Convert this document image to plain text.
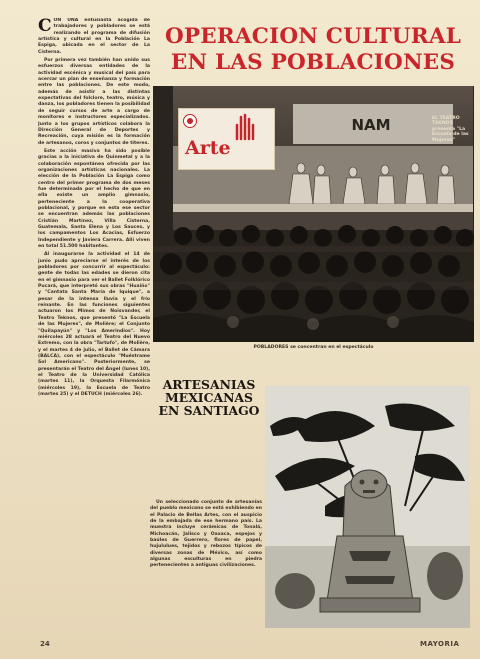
CON UNA entusiasta acogida de trabajadores y pobladores se está realizando el programa de difusión artística y cultural en la Población La Espiga, ubicada en el sector de La Cisterna.

Por primera vez también han unido sus esfuerzos diversas entidades de la actividad escénica y musical del país para acercar un plan de enseñanza y formación entre las poblaciones. De este modo, además de asistir a las distintas expectativas del folclore, teatro, música y danza, los pobladores tienen la posibilidad de seguir cursos de arte a cargo de monitores e instructores especializados. Junto a los grupos artísticos colabora la Dirección General de Deportes y Recreación, cuya misión es la formación de artesanos, coros y conjuntos de títeres.

Este acción masiva ha sido posible gracias a la iniciativa de Quinmetal y a la colaboración espontánea ofrecida por las organizaciones artísticas nacionales. La elección de la Población La Espiga como centro del primer programa de dos meses fue determinada por el hecho de que en ella existe un amplio gimnasio, perteneciente a la cooperativa poblacional, y porque en esta ese sector se encuentran además las poblaciones Cristián Martínez, Villa Cisterna, Guatemala, Santa Elena y Los Sauces, y los campamentos Los Acacias, Esfuerzo Independiente y Javiera Carrera. Allí viven en total 51.500 habitantes.

Al inaugurarse la actividad el 14 de junio pudo apreciarse el interés de los pobladores por concurrir al espectáculo: gente de todas las edades se dieron cita en el gimnasio para ver el Ballet Folklórico Pucará, que interpretó sus obras "Huaiño" y "Cantata Santa María de Iquique", a pesar de la intensa lluvia y el frío reinante. En las funciones siguientes actuaron los Mimos de Noisvander, el Teatro Teknos, que presentó "La Escuela de las Mujeres", de Molière; el Conjunto "Quilapayún" y "Los Amerindios". Hoy miércoles 28 actuará el Teatro del Nuevo Extremo, con la obra "Tartufo", de Molière, y el martes 4 de julio, el Ballet de Cámara (BALCA), con el espectáculo "Muéstrame Sol Americano". Posteriormente, se presentarán el Teatro del Ángel (lunes 10), el Teatro de la Universidad Católica (martes 11), la Orquesta Filarmónica (miércoles 19), la Escuela de Teatro (martes 25) y el DETUCH (miércoles 26).

OPERACION CULTURAL
EN LAS POBLACIONES
NAM
Arte
EL TEATRO TEKNOS presenta "La Escuela de las Mujeres"
POBLADORES se concentran en el espectáculo
ARTESANIAS MEXICANAS EN SANTIAGO

Un seleccionado conjunto de artesanías del pueblo mexicano se está exhibiendo en el Palacio de Bellas Artes, con el auspicio de la embajada de ese hermano país. La muestra incluye cerámicas de Tonalá, Michoacán, Jalisco y Oaxaca, espejos y baúles de Guerrero, flores de papel, hujululues, tejidos y rebozos típicos de diversas zonas de México, así como algunas esculturas en piedra pertenecientes a antiguas civilizaciones.

24	MAYORIA
